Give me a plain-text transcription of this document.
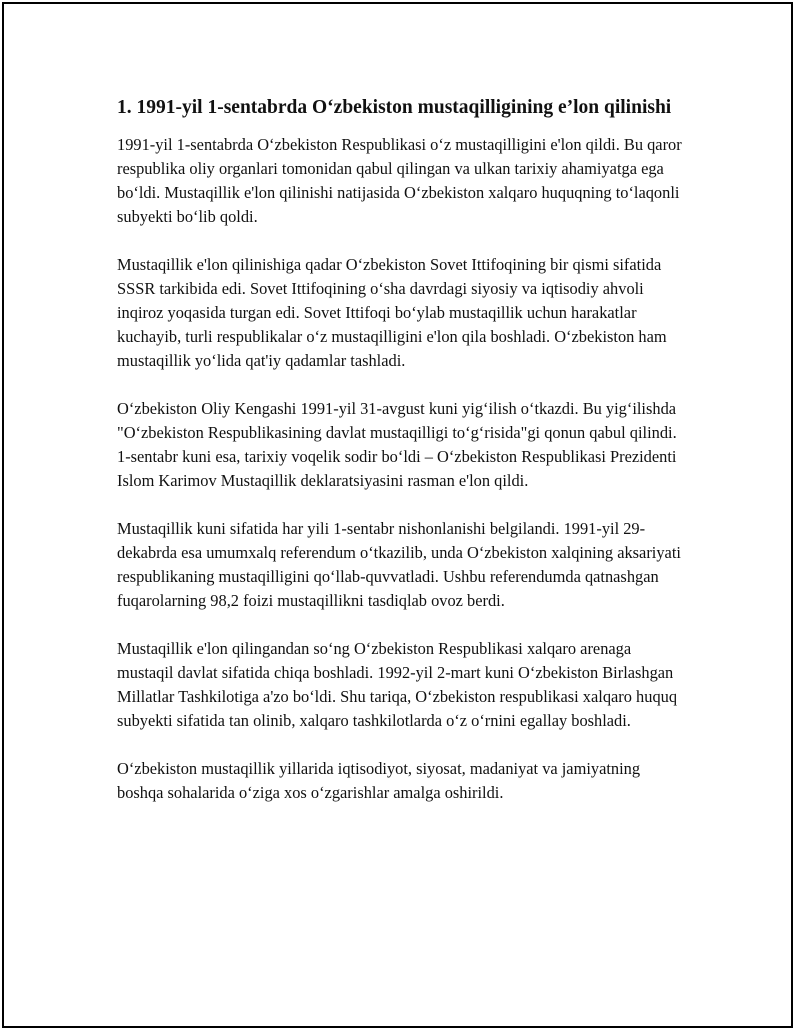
1. 1991-yil 1-sentabrda O‘zbekiston mustaqilligining e’lon qilinishi

1991-yil 1-sentabrda O‘zbekiston Respublikasi o‘z mustaqilligini e'lon qildi. Bu qaror respublika oliy organlari tomonidan qabul qilingan va ulkan tarixiy ahamiyatga ega bo‘ldi. Mustaqillik e'lon qilinishi natijasida O‘zbekiston xalqaro huquqning to‘laqonli subyekti bo‘lib qoldi.

Mustaqillik e'lon qilinishiga qadar O‘zbekiston Sovet Ittifoqining bir qismi sifatida SSSR tarkibida edi. Sovet Ittifoqining o‘sha davrdagi siyosiy va iqtisodiy ahvoli inqiroz yoqasida turgan edi. Sovet Ittifoqi bo‘ylab mustaqillik uchun harakatlar kuchayib, turli respublikalar o‘z mustaqilligini e'lon qila boshladi. O‘zbekiston ham mustaqillik yo‘lida qat'iy qadamlar tashladi.

O‘zbekiston Oliy Kengashi 1991-yil 31-avgust kuni yig‘ilish o‘tkazdi. Bu yig‘ilishda "O‘zbekiston Respublikasining davlat mustaqilligi to‘g‘risida"gi qonun qabul qilindi. 1-sentabr kuni esa, tarixiy voqelik sodir bo‘ldi – O‘zbekiston Respublikasi Prezidenti Islom Karimov Mustaqillik deklaratsiyasini rasman e'lon qildi.

Mustaqillik kuni sifatida har yili 1-sentabr nishonlanishi belgilandi. 1991-yil 29-dekabrda esa umumxalq referendum o‘tkazilib, unda O‘zbekiston xalqining aksariyati respublikaning mustaqilligini qo‘llab-quvvatladi. Ushbu referendumda qatnashgan fuqarolarning 98,2 foizi mustaqillikni tasdiqlab ovoz berdi.

Mustaqillik e'lon qilingandan so‘ng O‘zbekiston Respublikasi xalqaro arenaga mustaqil davlat sifatida chiqa boshladi. 1992-yil 2-mart kuni O‘zbekiston Birlashgan Millatlar Tashkilotiga a'zo bo‘ldi. Shu tariqa, O‘zbekiston respublikasi xalqaro huquq subyekti sifatida tan olinib, xalqaro tashkilotlarda o‘z o‘rnini egallay boshladi.

O‘zbekiston mustaqillik yillarida iqtisodiyot, siyosat, madaniyat va jamiyatning boshqa sohalarida o‘ziga xos o‘zgarishlar amalga oshirildi.
